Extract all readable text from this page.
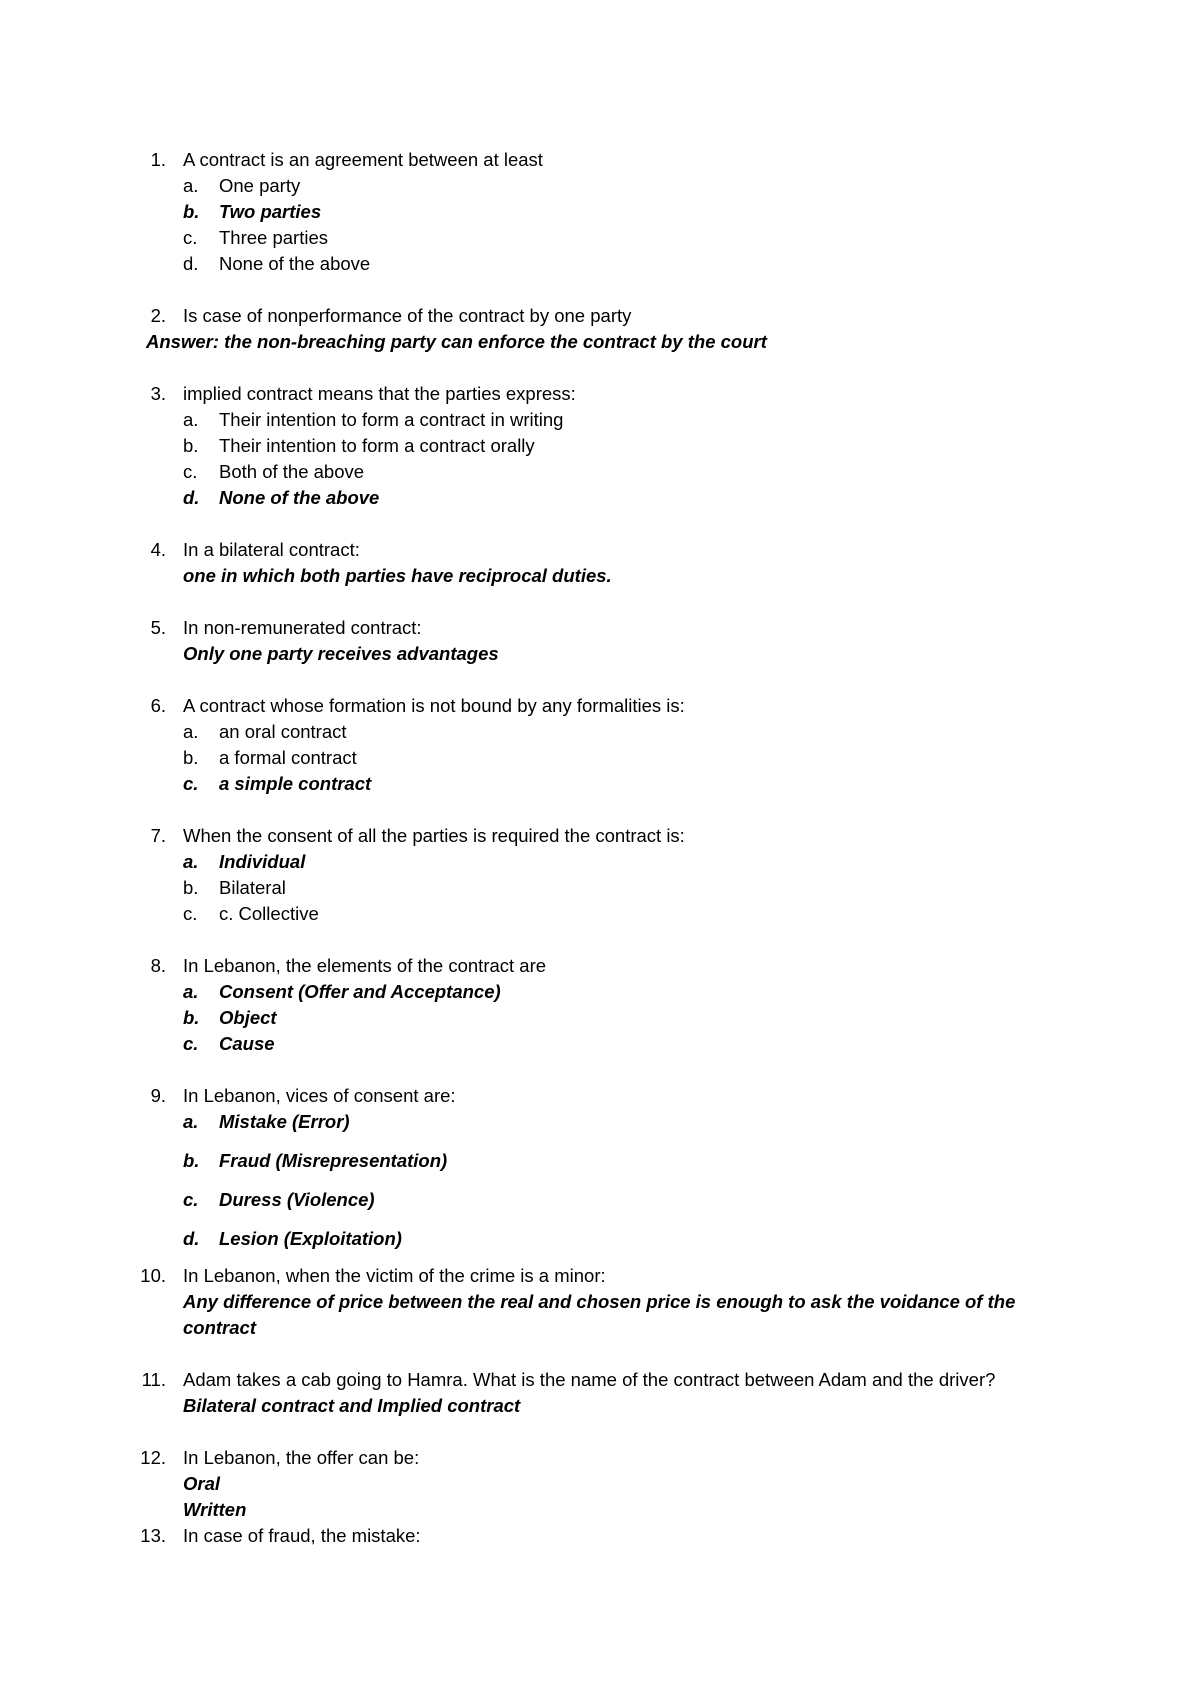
1. A contract is an agreement between at least
a. One party
b. Two parties
c. Three parties
d. None of the above
2. Is case of nonperformance of the contract by one party
Answer: the non-breaching party can enforce the contract by the court
3. implied contract means that the parties express:
a. Their intention to form a contract in writing
b. Their intention to form a contract orally
c. Both of the above
d. None of the above
4. In a bilateral contract:
one in which both parties have reciprocal duties.
5. In non-remunerated contract:
Only one party receives advantages
6. A contract whose formation is not bound by any formalities is:
a. an oral contract
b. a formal contract
c. a simple contract
7. When the consent of all the parties is required the contract is:
a. Individual
b. Bilateral
c. c. Collective
8. In Lebanon, the elements of the contract are
a. Consent (Offer and Acceptance)
b. Object
c. Cause
9. In Lebanon, vices of consent are:
a. Mistake (Error)
b. Fraud (Misrepresentation)
c. Duress (Violence)
d. Lesion (Exploitation)
10. In Lebanon, when the victim of the crime is a minor:
Any difference of price between the real and chosen price is enough to ask the voidance of the
contract
11. Adam takes a cab going to Hamra. What is the name of the contract between Adam and the driver?
Bilateral contract and Implied contract
12. In Lebanon, the offer can be:
Oral
Written
13. In case of fraud, the mistake:
